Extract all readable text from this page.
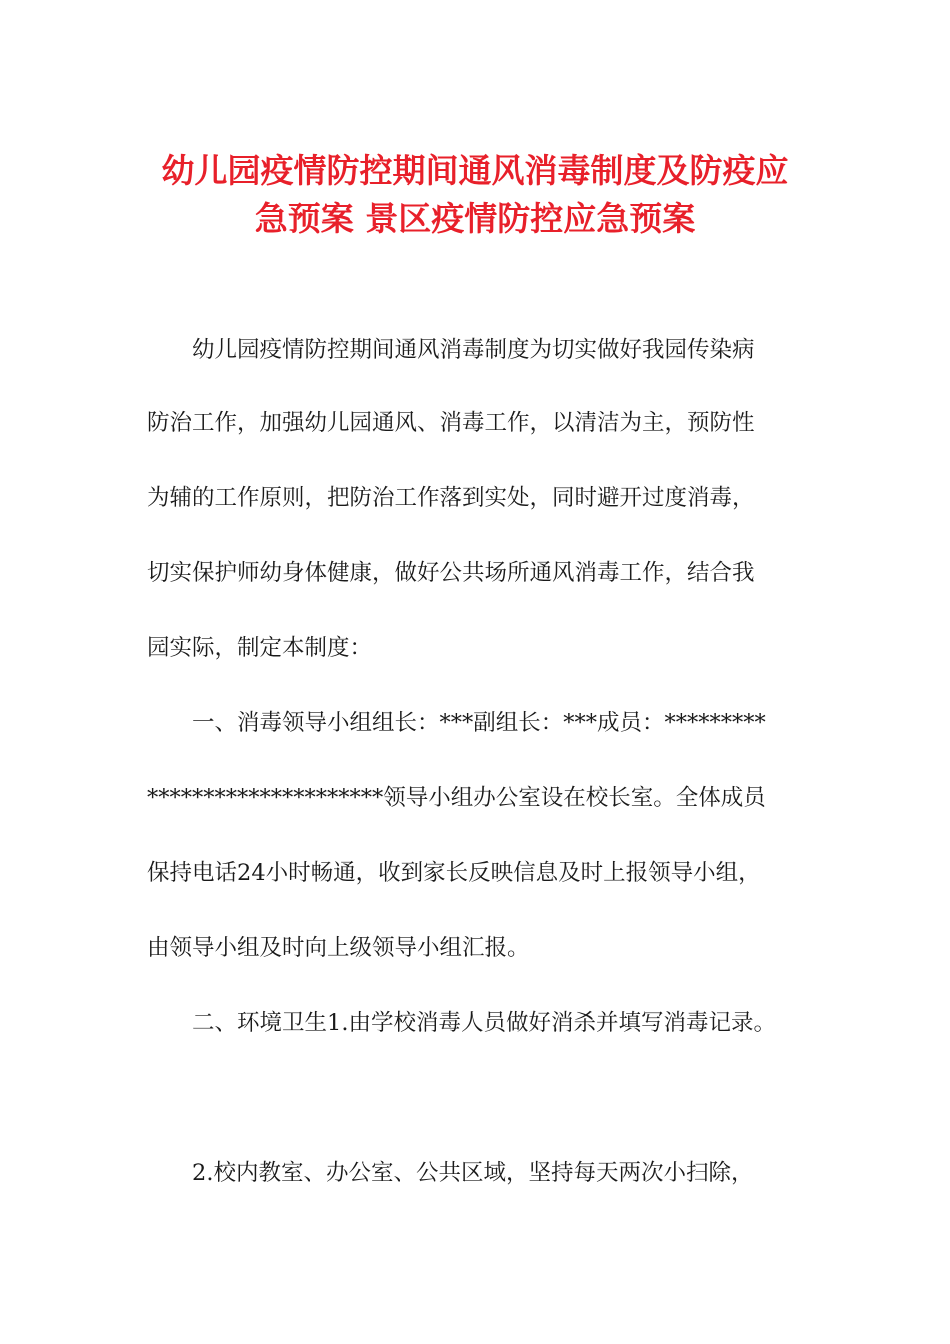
幼儿园疫情防控期间通风消毒制度及防疫应
急预案 景区疫情防控应急预案

幼儿园疫情防控期间通风消毒制度为切实做好我园传染病

防治工作，加强幼儿园通风、消毒工作，以清洁为主，预防性

为辅的工作原则，把防治工作落到实处，同时避开过度消毒，

切实保护师幼身体健康，做好公共场所通风消毒工作，结合我

园实际，制定本制度：

一、消毒领导小组组长：***副组长：***成员：*********

*********************领导小组办公室设在校长室。全体成员

保持电话24小时畅通，收到家长反映信息及时上报领导小组，

由领导小组及时向上级领导小组汇报。

二、环境卫生1.由学校消毒人员做好消杀并填写消毒记录。

2.校内教室、办公室、公共区域，坚持每天两次小扫除，
